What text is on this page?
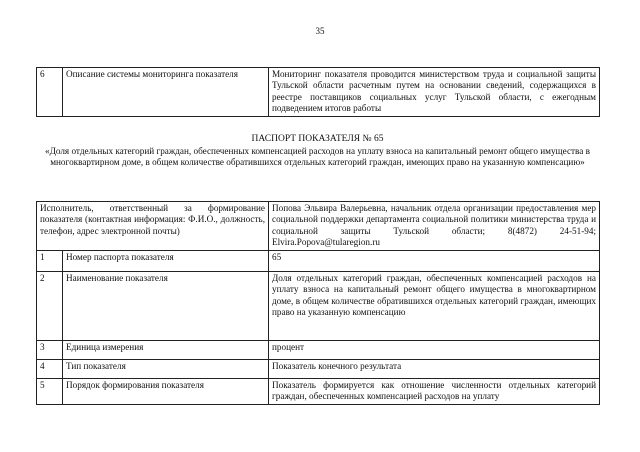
35
6	Описание системы мониторинга показателя	Мониторинг показателя проводится министерством труда и социальной защиты Тульской области расчетным путем на основании сведений, содержащихся в реестре поставщиков социальных услуг Тульской области, с ежегодным подведением итогов работы
ПАСПОРТ ПОКАЗАТЕЛЯ № 65
«Доля отдельных категорий граждан, обеспеченных компенсацией расходов на уплату взноса на капитальный ремонт общего имущества в многоквартирном доме, в общем количестве обратившихся отдельных категорий граждан, имеющих право на указанную компенсацию»
Исполнитель, ответственный за формирование показателя (контактная информация: Ф.И.О., должность, телефон, адрес электронной почты)		Попова Эльвира Валерьевна, начальник отдела организации предоставления мер социальной поддержки департамента социальной политики министерства труда и социальной защиты Тульской области; 8(4872) 24-51-94; Elvira.Popova@tularegion.ru
1	Номер паспорта показателя	65
2	Наименование показателя	Доля отдельных категорий граждан, обеспеченных компенсацией расходов на уплату взноса на капитальный ремонт общего имущества в многоквартирном доме, в общем количестве обратившихся отдельных категорий граждан, имеющих право на указанную компенсацию
3	Единица измерения	процент
4	Тип показателя	Показатель конечного результата
5	Порядок формирования показателя	Показатель формируется как отношение численности отдельных категорий граждан, обеспеченных компенсацией расходов на уплату
